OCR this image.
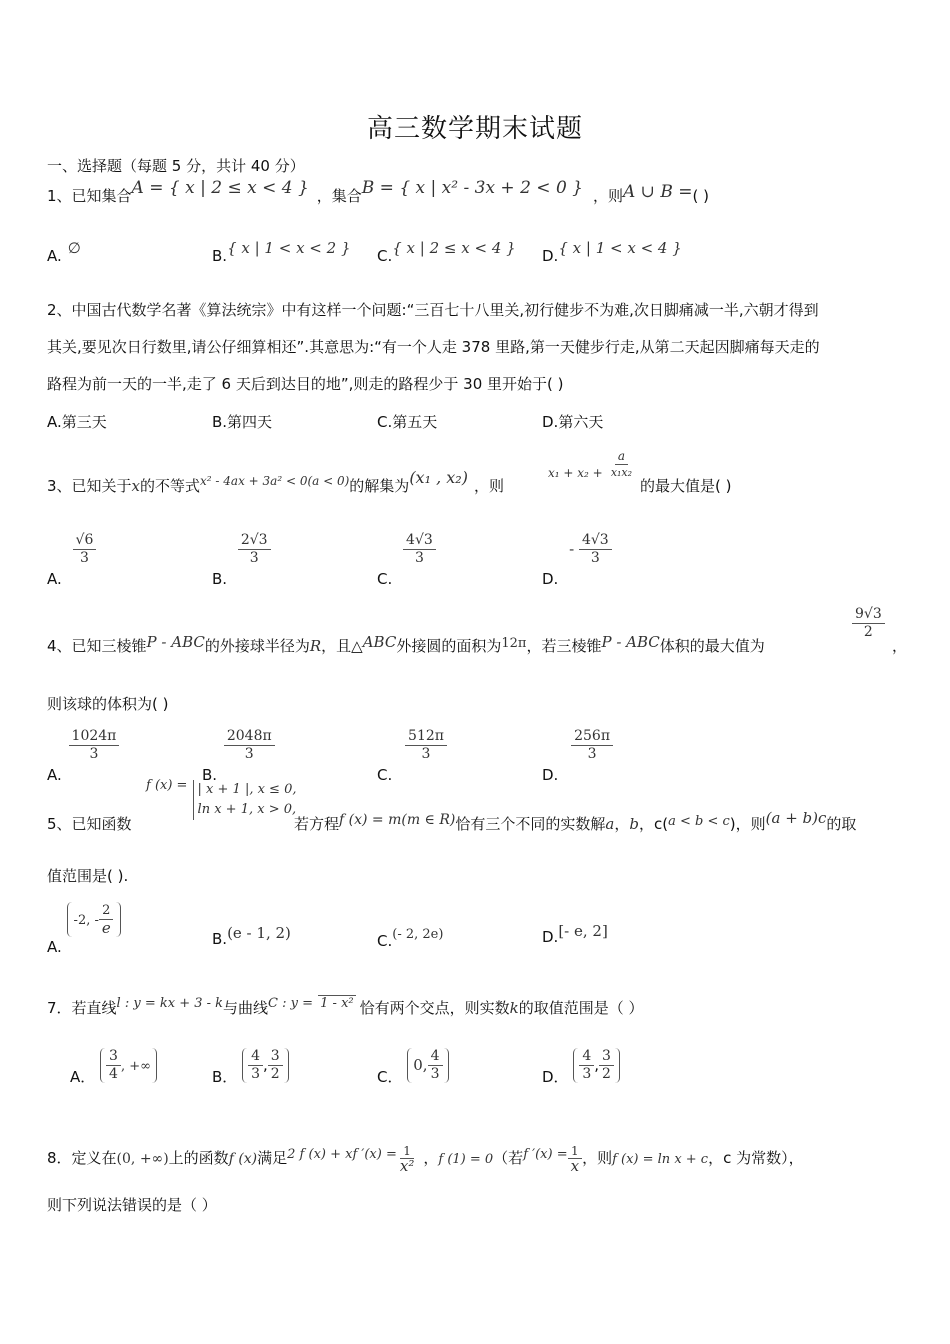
高三数学期末试题
一、选择题（每题 5 分，共计 40 分）
1、已知集合A = { x | 2 ≤ x < 4 } ，集合B = { x | x² - 3x + 2 < 0 } ，则A ∪ B =( )
A. ∅	B.{ x | 1 < x < 2 } C.{ x | 2 ≤ x < 4 } D.{ x | 1 < x < 4 }
2、中国古代数学名著《算法统宗》中有这样一个问题:“三百七十八里关,初行健步不为难,次日脚痛减一半,六朝才得到
其关,要见次日行数里,请公仔细算相还”.其意思为:“有一个人走 378 里路,第一天健步行走,从第二天起因脚痛每天走的
路程为前一天的一半,走了 6 天后到达目的地”,则走的路程少于 30 里开始于( )
A.第三天	B.第四天	C.第五天	D.第六天
3、已知关于x的不等式$^{x^2 - 4ax + 3a^2 < 0(a < 0)}$的解集为(x₁ , x₂) ，则
$_{x_1 + x_2 +} \frac{a}{\text{x₁x₂}}$
的最大值是( )
A.
$\frac{√6}{3}$
B.
$\frac{2√3}{3}$
C.
$\frac{4√3}{3}$
D. - $\frac{4√3}{3}$
4、已知三棱锥P - ABC的外接球半径为R，且△ABC外接圆的面积为12π，若三棱锥P - ABC体积的最大值为
$\frac{9√3}{2}$
，
则该球的体积为( )
A.
$\frac{1024\pi}{3}$
B.
$\frac{2048\pi}{3}$
C.
$\frac{512\pi}{3}$
D.
$\frac{256\pi}{3}$
5、已知函数
$^{f (x) =}$ | x + 1 |, x ≤ 0,
ln x + 1, x > 0,
若方程f (x) = m(m ∈ R)恰有三个不同的实数解a，b，c(a < b < c)，则(a + b)c的取
值范围是( ).
A. -2, - $\frac{2}{e}$
B.(e - 1, 2)	C.(- 2, 2e)	D.[- e, 2]
7．若直线l : y = kx + 3 - k与曲线C : y = 1 - x² 恰有两个交点，则实数k的取值范围是（ ）
A． $\frac{3}{4}$ , +∞
B． $\frac{4}{3}$ , $\frac{3}{2}$	C． 0, $\frac{4}{3}$	D． $\frac{4}{3}$ , $\frac{3}{2}$
8．定义在(0, +∞)上的函数f (x)满足2 f (x) + xf $'(x) = \frac{1}{\text{x²}}$ ，f (1) = 0（若f $'(x) = \frac{1}{x}$ ，则f (x) = ln x + c，c 为常数），
则下列说法错误的是（ ）
